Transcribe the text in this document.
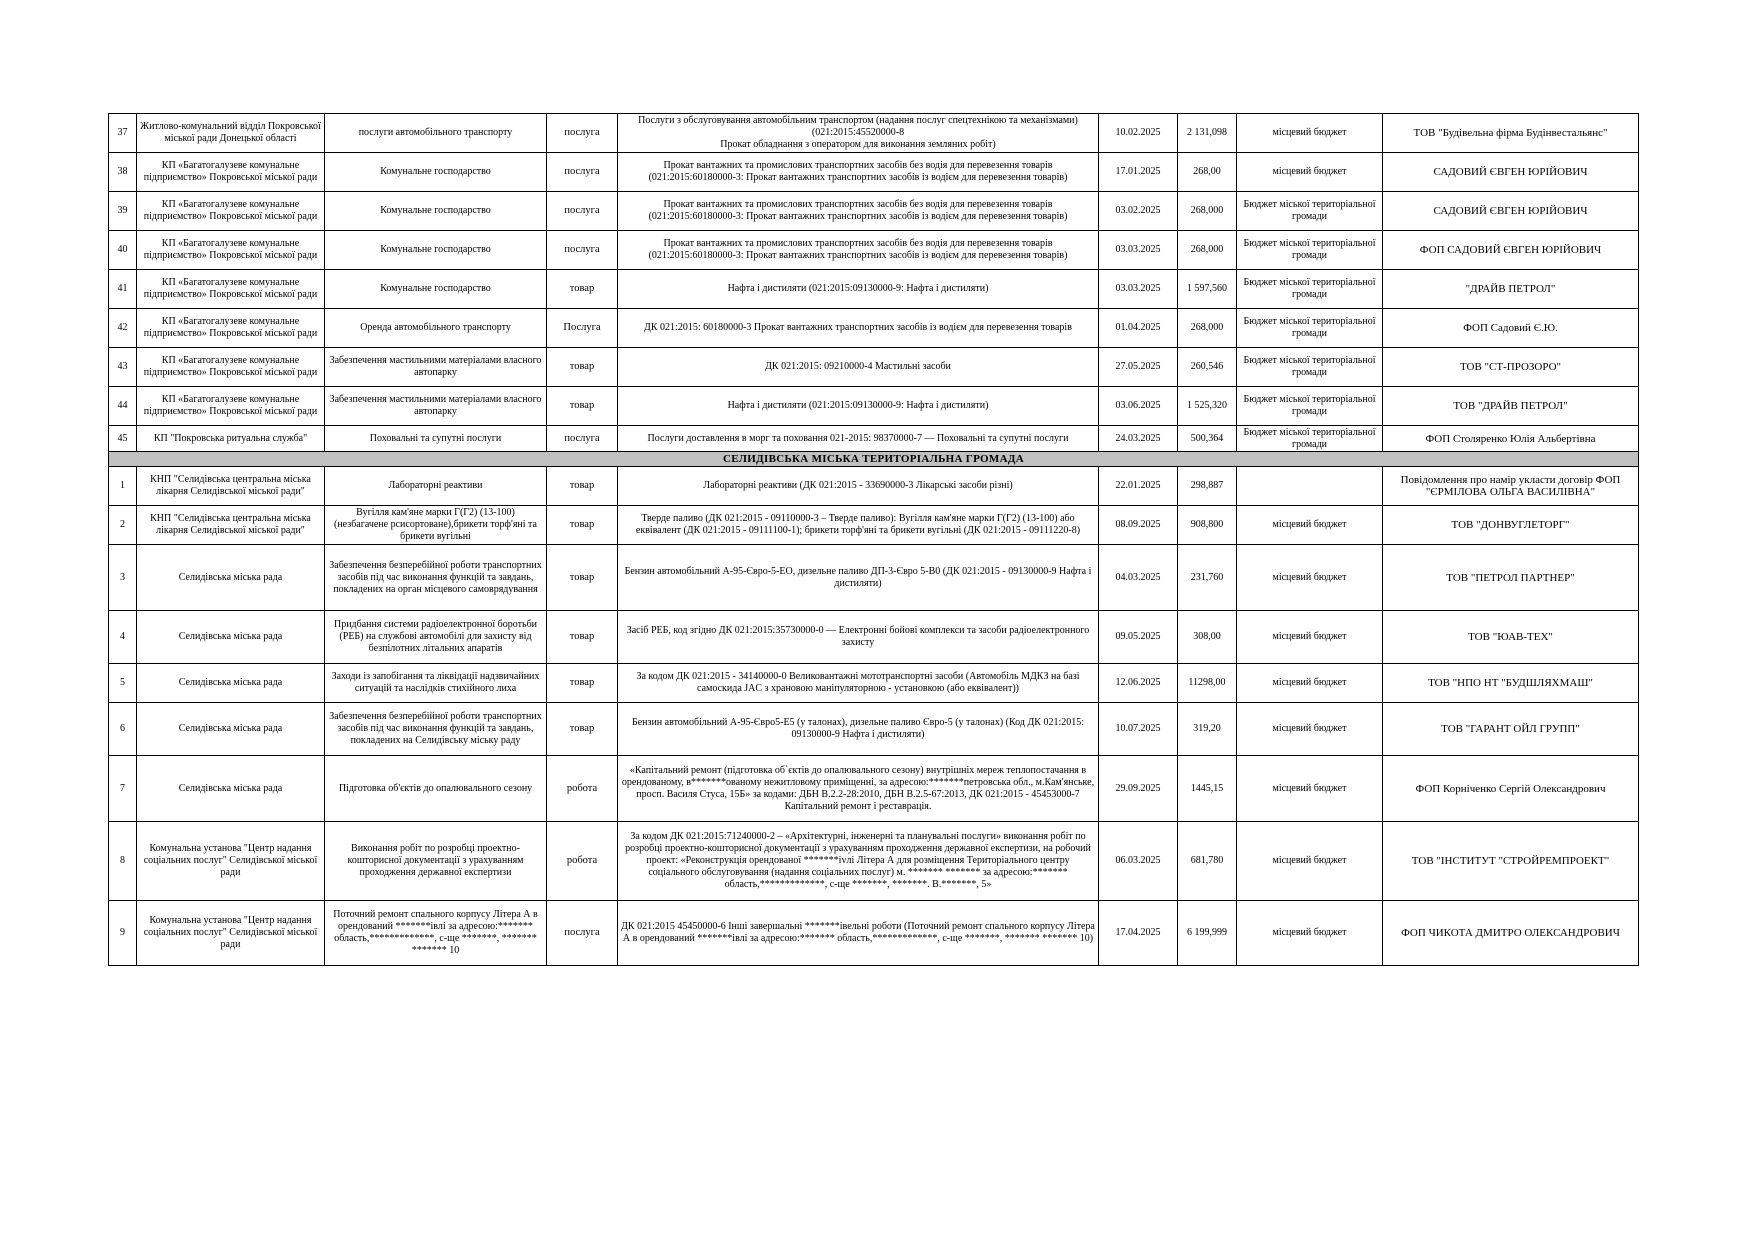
37	Житлово-комунальний відділ Покровської міської ради Донецької області	послуги автомобільного транспорту	послуга	Послуги з обслуговування автомобільним транспортом (надання послуг спецтехнікою та механізмами) (021:2015:45520000-8
Прокат обладнання з оператором для виконання земляних робіт)	10.02.2025	2 131,098	місцевий бюджет	ТОВ "Будівельна фірма Будінвестальянс"
38	КП «Багатогалузеве комунальне підприємство» Покровської міської ради	Комунальне господарство	послуга	Прокат вантажних та промислових транспортних засобів без водія для перевезення товарів (021:2015:60180000-3: Прокат вантажних транспортних засобів із водієм для перевезення товарів)	17.01.2025	268,00	місцевий бюджет	САДОВИЙ ЄВГЕН ЮРІЙОВИЧ
39	КП «Багатогалузеве комунальне підприємство» Покровської міської ради	Комунальне господарство	послуга	Прокат вантажних та промислових транспортних засобів без водія для перевезення товарів (021:2015:60180000-3: Прокат вантажних транспортних засобів із водієм для перевезення товарів)	03.02.2025	268,000	Бюджет міської територіальної громади	САДОВИЙ ЄВГЕН ЮРІЙОВИЧ
40	КП «Багатогалузеве комунальне підприємство» Покровської міської ради	Комунальне господарство	послуга	Прокат вантажних та промислових транспортних засобів без водія для перевезення товарів (021:2015:60180000-3: Прокат вантажних транспортних засобів із водієм для перевезення товарів)	03.03.2025	268,000	Бюджет міської територіальної громади	ФОП САДОВИЙ ЄВГЕН ЮРІЙОВИЧ
41	КП «Багатогалузеве комунальне підприємство» Покровської міської ради	Комунальне господарство	товар	Нафта і дистиляти (021:2015:09130000-9: Нафта і дистиляти)	03.03.2025	1 597,560	Бюджет міської територіальної громади	"ДРАЙВ ПЕТРОЛ"
42	КП «Багатогалузеве комунальне підприємство» Покровської міської ради	Оренда автомобільного транспорту	Послуга	ДК 021:2015: 60180000-3 Прокат вантажних транспортних засобів із водієм для перевезення товарів	01.04.2025	268,000	Бюджет міської територіальної громади	ФОП Садовий Є.Ю.
43	КП «Багатогалузеве комунальне підприємство» Покровської міської ради	Забезпечення мастильними матеріалами власного автопарку	товар	ДК 021:2015: 09210000-4 Мастильні засоби	27.05.2025	260,546	Бюджет міської територіальної громади	ТОВ "СТ-ПРОЗОРО"
44	КП «Багатогалузеве комунальне підприємство» Покровської міської ради	Забезпечення мастильними матеріалами власного автопарку	товар	Нафта і дистиляти (021:2015:09130000-9: Нафта і дистиляти)	03.06.2025	1 525,320	Бюджет міської територіальної громади	ТОВ "ДРАЙВ ПЕТРОЛ"
45	КП "Покровська ритуальна служба"	Поховальні та супутні послуги	послуга	Послуги доставлення в морг та поховання 021-2015: 98370000-7 — Поховальні та супутні послуги	24.03.2025	500,364	Бюджет міської територіальної громади	ФОП Столяренко Юлія Альбертівна
СЕЛИДІВСЬКА МІСЬКА ТЕРИТОРІАЛЬНА ГРОМАДА								
1	КНП "Селидівська центральна міська лікарня Селидівської міської ради"	Лабораторні реактиви	товар	Лабораторні реактиви (ДК 021:2015 - 33690000-3 Лікарські засоби різні)	22.01.2025	298,887		Повідомлення про намір укласти договір ФОП "ЄРМІЛОВА ОЛЬГА ВАСИЛІВНА"
2	КНП "Селидівська центральна міська лікарня Селидівської міської ради"	Вугілля кам'яне марки Г(Г2) (13-100) (незбагачене рсисортоване),брикети торф'яні та брикети вугільні	товар	Тверде паливо (ДК 021:2015 - 09110000-3 – Тверде паливо): Вугілля кам'яне марки Г(Г2) (13-100) або еквівалент (ДК 021:2015 - 09111100-1); брикети торф'яні та брикети вугільні (ДК 021:2015 - 09111220-8)	08.09.2025	908,800	місцевий бюджет	ТОВ "ДОНВУГЛЕТОРГ"
3	Селидівська міська рада	Забезпечення безперебійної роботи транспортних засобів під час виконання функцій та завдань, покладених на орган місцевого самоврядування	товар	Бензин автомобільний А-95-Євро-5-ЕО, дизельне паливо ДП-3-Євро 5-В0 (ДК 021:2015 - 09130000-9 Нафта і дистиляти)	04.03.2025	231,760	місцевий бюджет	ТОВ "ПЕТРОЛ ПАРТНЕР"
4	Селидівська міська рада	Придбання системи радіоелектронної боротьби (РЕБ) на службові автомобілі для захисту від безпілотних літальних апаратів	товар	Засіб РЕБ, код згідно ДК 021:2015:35730000-0 — Електронні бойові комплекси та засоби радіоелектронного захисту	09.05.2025	308,00	місцевий бюджет	ТОВ "ЮАВ-ТЕХ"
5	Селидівська міська рада	Заходи із запобігання та ліквідації надзвичайних ситуацій та наслідків стихійного лиха	товар	За кодом ДК 021:2015 - 34140000-0 Великовантажні мототранспортні засоби (Автомобіль МДКЗ на базі самоскида JAC з храновою маніпуляторною - установкою (або еквівалент))	12.06.2025	11298,00	місцевий бюджет	ТОВ "НПО НТ "БУДШЛЯХМАШ"
6	Селидівська міська рада	Забезпечення безперебійної роботи транспортних засобів під час виконання функцій та завдань, покладених на Селидівську міську раду	товар	Бензин автомобільний А-95-Євро5-Е5 (у талонах), дизельне паливо Євро-5 (у талонах) (Код ДК 021:2015: 09130000-9 Нафта і дистиляти)	10.07.2025	319,20	місцевий бюджет	ТОВ "ГАРАНТ ОЙЛ ГРУПП"
7	Селидівська міська рада	Підготовка об'єктів до опалювального сезону	робота	«Капітальний ремонт (підготовка об`єктів до опалювального сезону) внутрішніх мереж теплопостачання в орендованому, в*******ованому нежитловому приміщенні, за адресою:*******петровська обл., м.Кам'янське, просп. Василя Стуса, 15Б» за кодами: ДБН В.2.2-28:2010, ДБН В.2.5-67:2013, ДК 021:2015 - 45453000-7 Капітальний ремонт і реставрація.	29.09.2025	1445,15	місцевий бюджет	ФОП Корніченко Сергій Олександрович
8	Комунальна установа "Центр надання соціальних послуг" Селидівської міської ради	Виконання робіт по розробці проектно-кошторисної документації з урахуванням проходження державної експертизи	робота	За кодом ДК 021:2015:71240000-2 – «Архітектурні, інженерні та планувальні послуги» виконання робіт по розробці проектно-кошторисної документації з урахуванням проходження державної експертизи, на робочий проект: «Реконструкція орендованої *******ivлі Літера А для розміщення Територіального центру соціального обслуговування (надання соціальних послуг) м. ******* ******* за адресою:******* область,*************, с-ще *******, *******. В.*******, 5»	06.03.2025	681,780	місцевий бюджет	ТОВ "ІНСТИТУТ "СТРОЙРЕМПРОЕКТ"
9	Комунальна установа "Центр надання соціальних послуг" Селидівської міської ради	Поточний ремонт спального корпусу Літера А в орендований *******івлі за адресою:******* область,*************, с-ще *******, ******* ******* 10	послуга	ДК 021:2015 45450000-6 Інші завершальні *******івельні роботи (Поточний ремонт спального корпусу Літера А в орендований *******івлі за адресою:******* область,*************, с-ще *******, ******* ******* 10)	17.04.2025	6 199,999	місцевий бюджет	ФОП ЧИКОТА ДМИТРО ОЛЕКСАНДРОВИЧ
